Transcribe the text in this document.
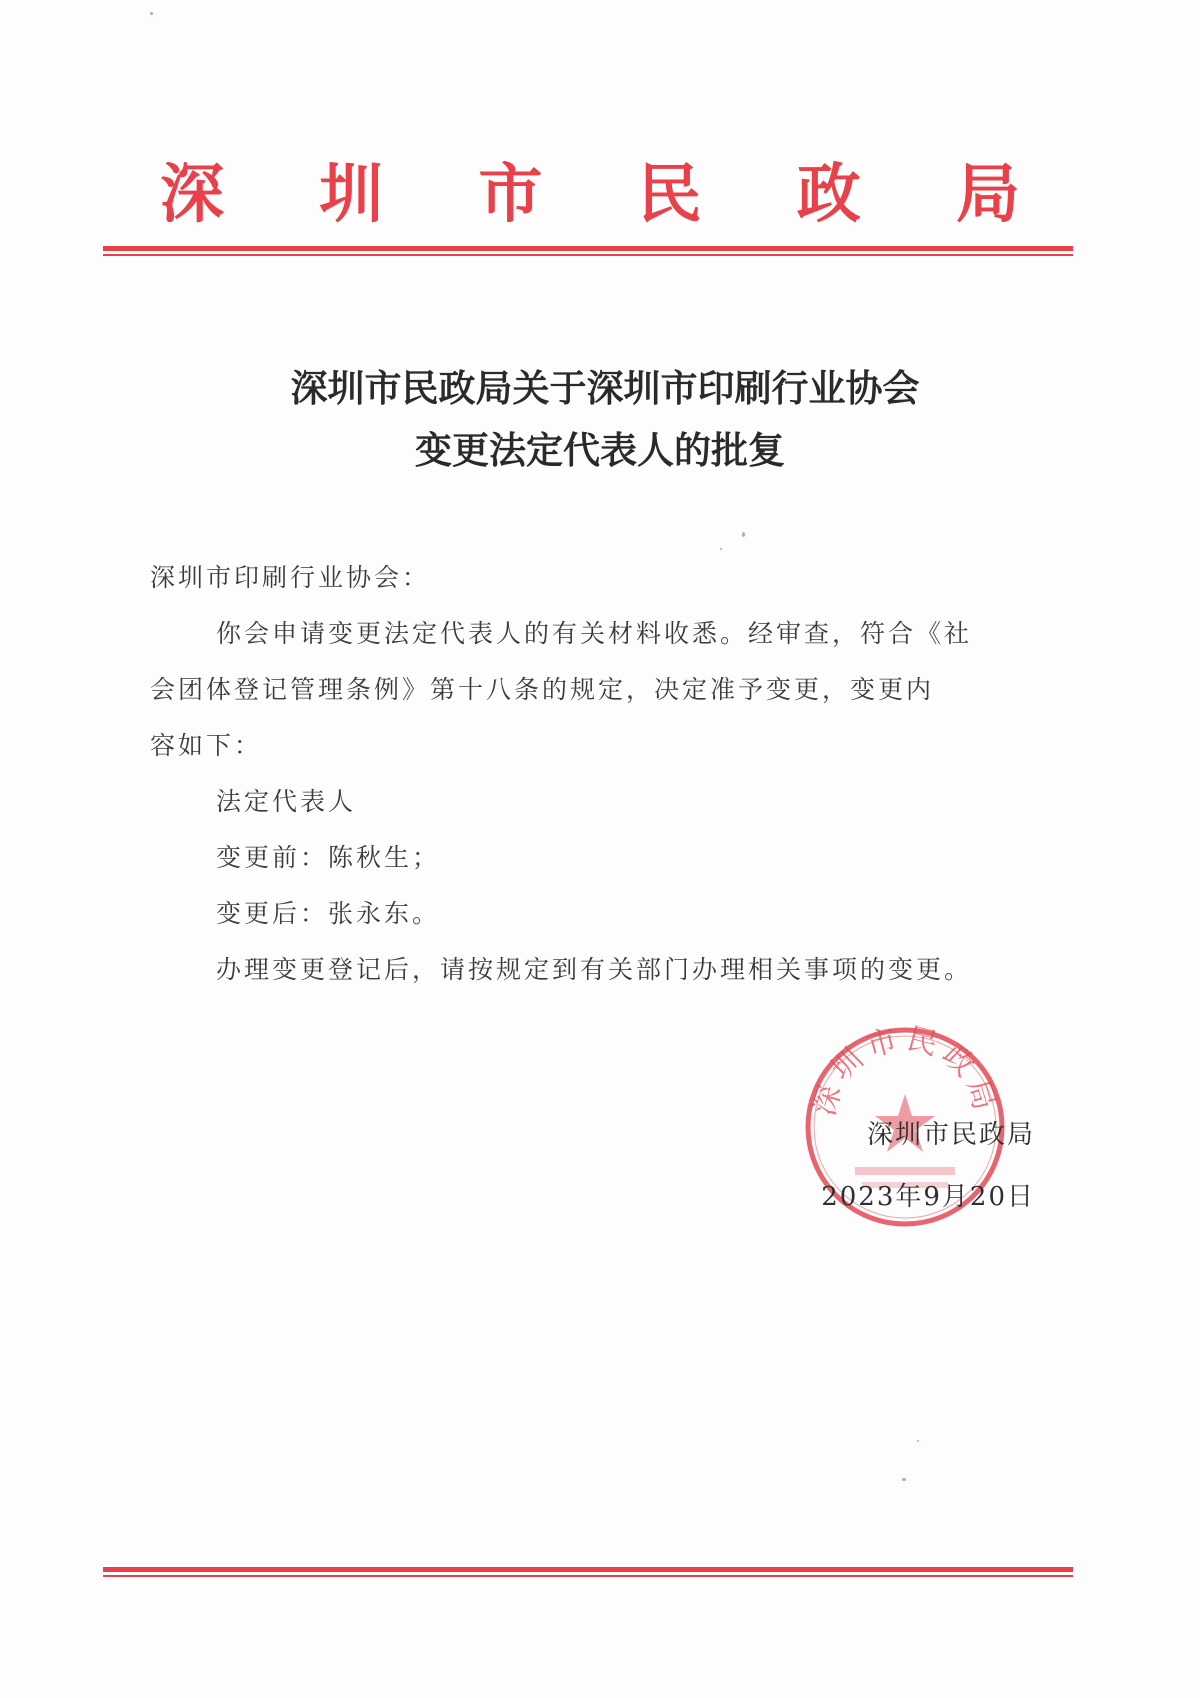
深 圳 市 民 政 局
深圳市民政局关于深圳市印刷行业协会
变更法定代表人的批复

深圳市印刷行业协会：

你会申请变更法定代表人的有关材料收悉。经审查，符合《社

会团体登记管理条例》第十八条的规定，决定准予变更，变更内

容如下：

法定代表人

变更前：陈秋生；

变更后：张永东。

办理变更登记后，请按规定到有关部门办理相关事项的变更。

深圳市民政局
深圳市民政局
2023年9月20日
